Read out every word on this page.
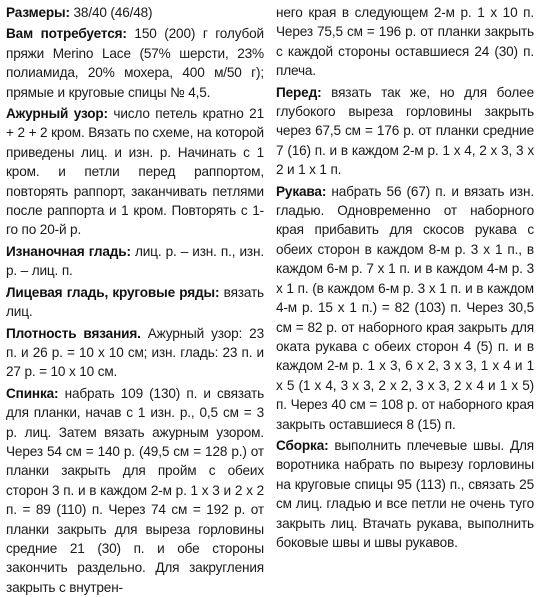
Размеры: 38/40 (46/48)

Вам потребуется: 150 (200) г голубой пряжи Merino Lace (57% шерсти, 23% полиамида, 20% мохера, 400 м/50 г); прямые и круговые спицы № 4,5.

Ажурный узор: число петель кратно 21 + 2 + 2 кром. Вязать по схеме, на которой приведены лиц. и изн. р. Начинать с 1 кром. и петли перед раппортом, повторять раппорт, заканчивать петлями после раппорта и 1 кром. Повторять с 1-го по 20-й р.

Изнаночная гладь: лиц. р. – изн. п., изн. р. – лиц. п.

Лицевая гладь, круговые ряды: вязать лиц.

Плотность вязания. Ажурный узор: 23 п. и 26 р. = 10 х 10 см; изн. гладь: 23 п. и 27 р. = 10 х 10 см.

Спинка: набрать 109 (130) п. и связать для планки, начав с 1 изн. р., 0,5 см = 3 р. лиц. Затем вязать ажурным узором. Через 54 см = 140 р. (49,5 см = 128 р.) от планки закрыть для пройм с обеих сторон 3 п. и в каждом 2-м р. 1 х 3 и 2 х 2 п. = 89 (110) п. Через 74 см = 192 р. от планки закрыть для выреза горловины средние 21 (30) п. и обе стороны закончить раздельно. Для закругления закрыть с внутрен-

него края в следующем 2-м р. 1 х 10 п. Через 75,5 см = 196 р. от планки закрыть с каждой стороны оставшиеся 24 (30) п. плеча.

Перед: вязать так же, но для более глубокого выреза горловины закрыть через 67,5 см = 176 р. от планки средние 7 (16) п. и в каждом 2-м р. 1 х 4, 2 х 3, 3 х 2 и 1 х 1 п.

Рукава: набрать 56 (67) п. и вязать изн. гладью. Одновременно от наборного края прибавить для скосов рукава с обеих сторон в каждом 8-м р. 3 х 1 п., в каждом 6-м р. 7 х 1 п. и в каждом 4-м р. 3 х 1 п. (в каждом 6-м р. 3 х 1 п. и в каждом 4-м р. 15 х 1 п.) = 82 (103) п. Через 30,5 см = 82 р. от наборного края закрыть для оката рукава с обеих сторон 4 (5) п. и в каждом 2-м р. 1 х 3, 6 х 2, 3 х 3, 1 х 4 и 1 х 5 (1 х 4, 3 х 3, 2 х 2, 3 х 3, 2 х 4 и 1 х 5) п. Через 40 см = 108 р. от наборного края закрыть оставшиеся 8 (15) п.

Сборка: выполнить плечевые швы. Для воротника набрать по вырезу горловины на круговые спицы 95 (113) п., связать 25 см лиц. гладью и все петли не очень туго закрыть лиц. Втачать рукава, выполнить боковые швы и швы рукавов.
